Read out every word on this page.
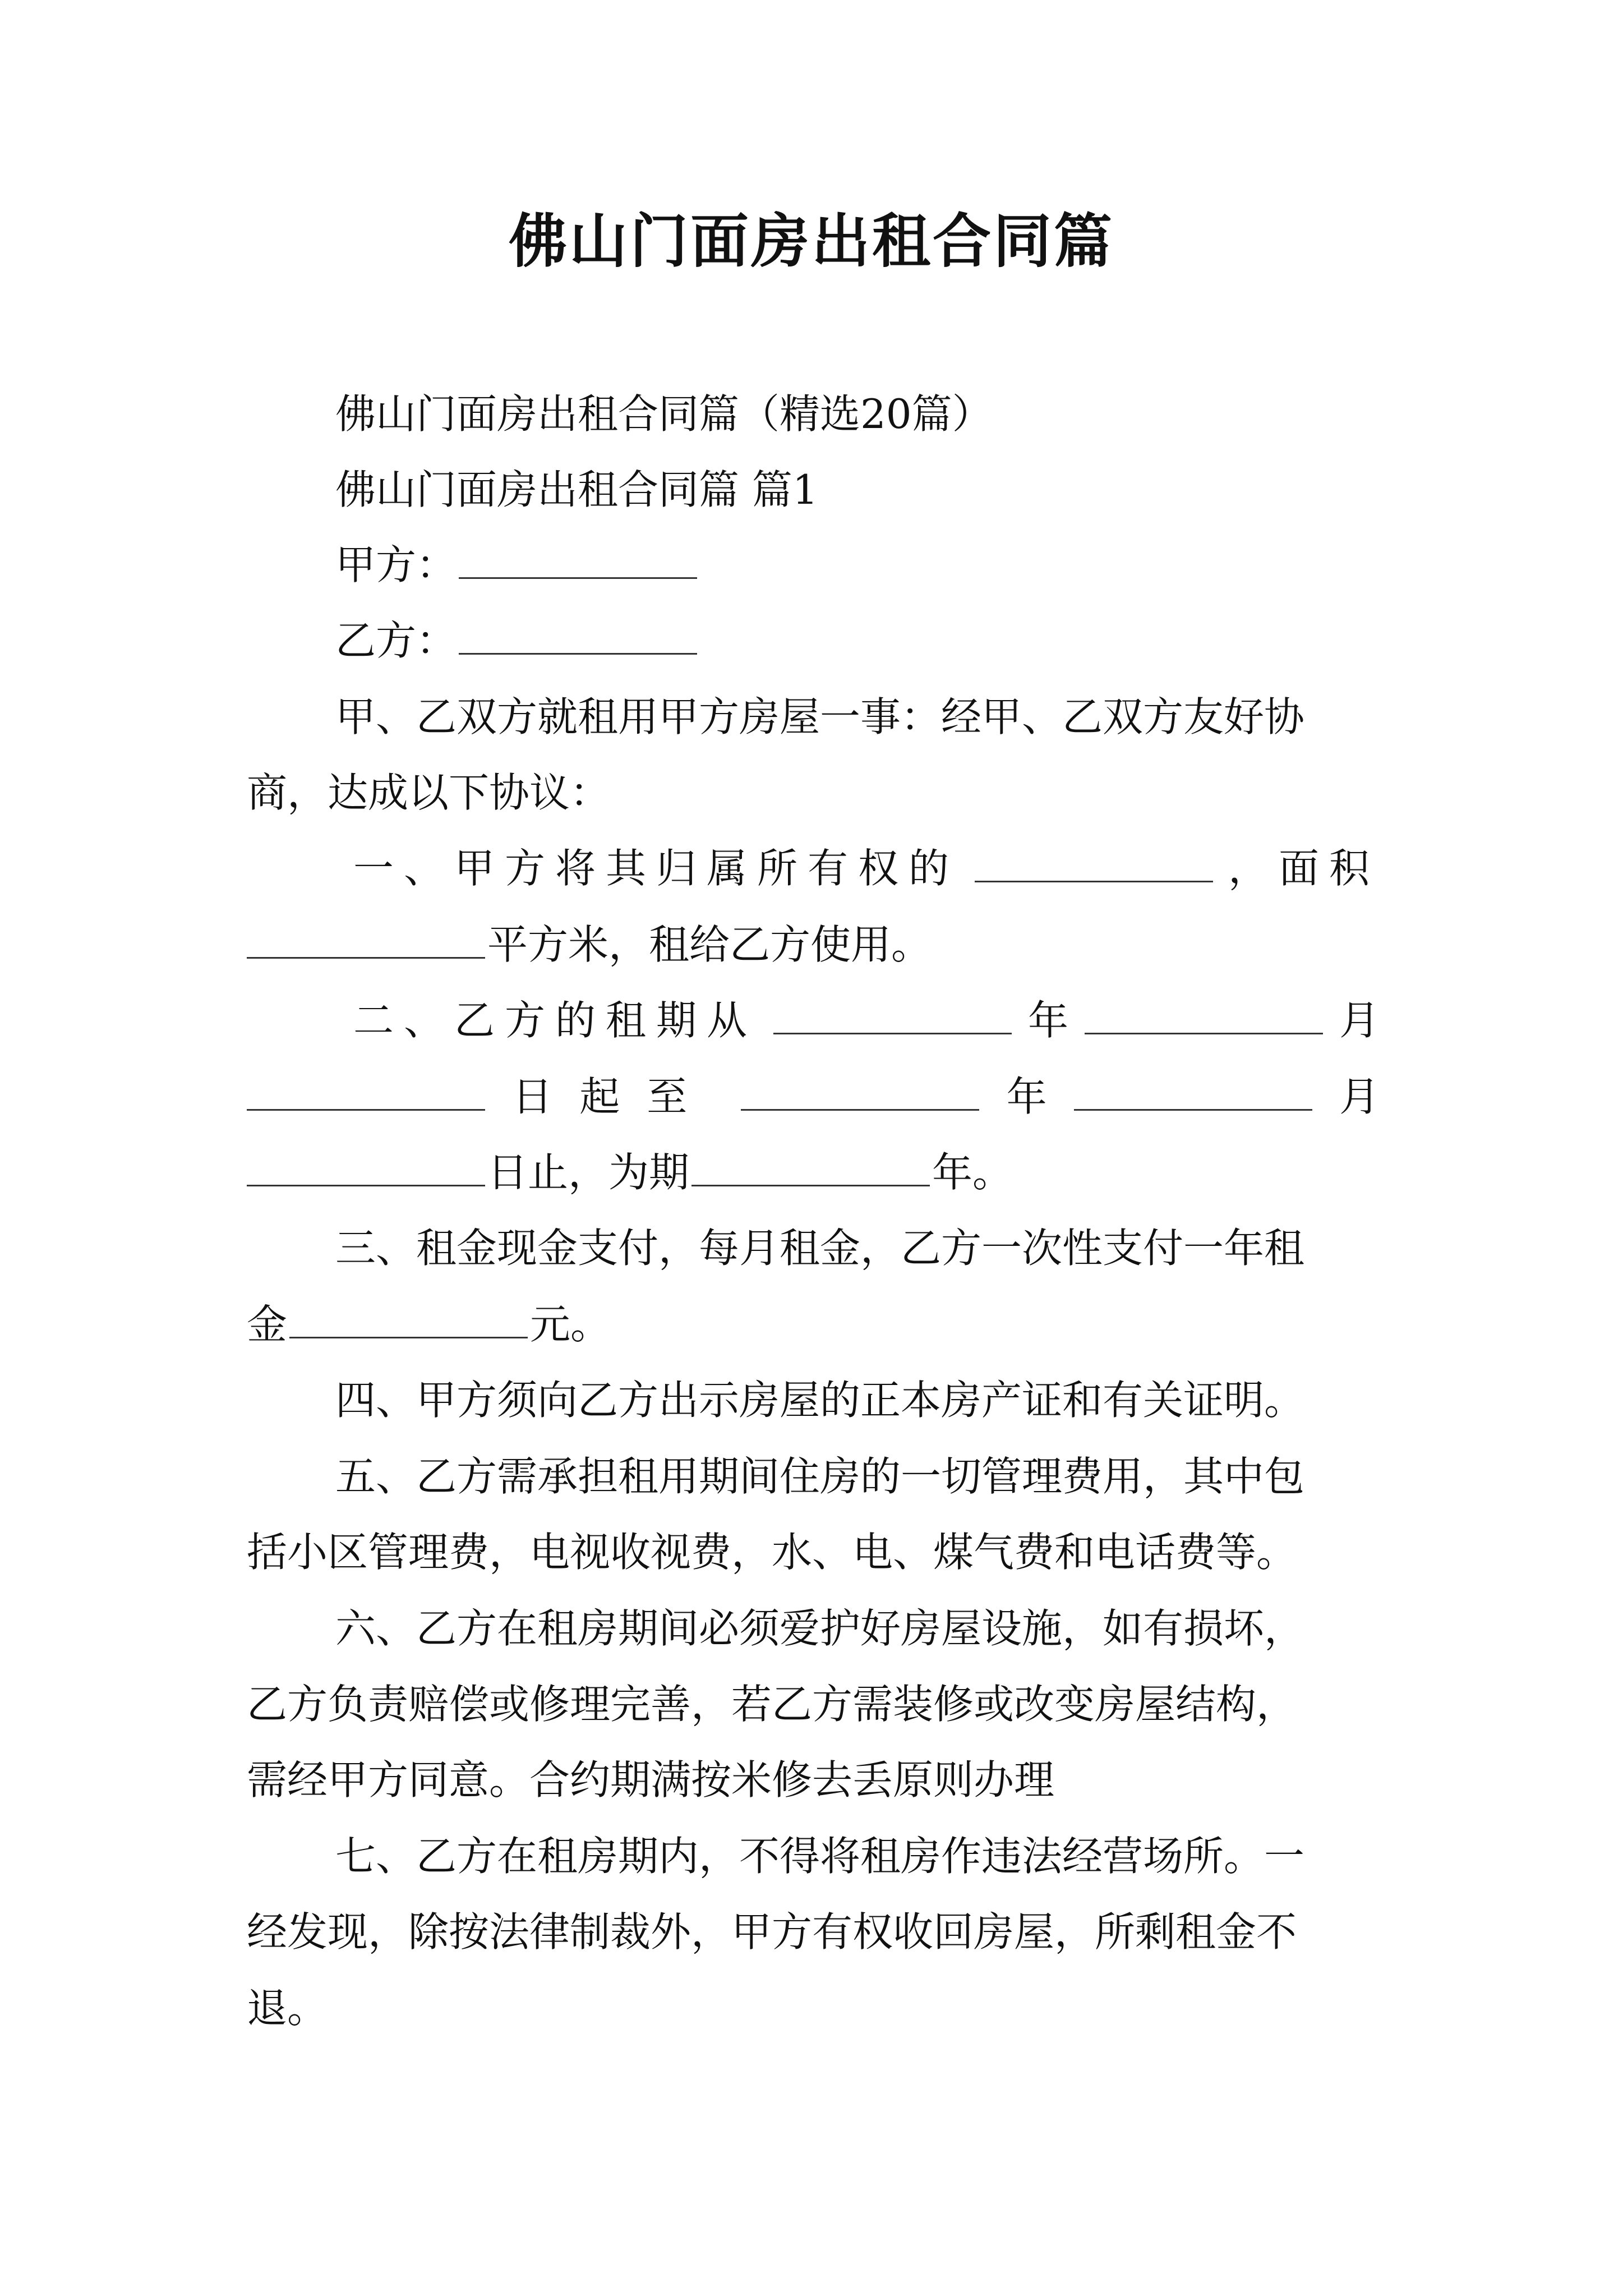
佛山门面房出租合同篇
佛山门面房出租合同篇（精选20篇）
佛山门面房出租合同篇 篇1
甲方：
乙方：
甲、乙双方就租用甲方房屋一事：经甲、乙双方友好协
商，达成以下协议：
一、甲方将其归属所有权的	，面积
平方米，租给乙方使用。
二、乙方的租期从	年	月
日起至	年	月
日止，为期	年。
三、租金现金支付，每月租金，乙方一次性支付一年租
金	元。
四、甲方须向乙方出示房屋的正本房产证和有关证明。
五、乙方需承担租用期间住房的一切管理费用，其中包
括小区管理费，电视收视费，水、电、煤气费和电话费等。
六、乙方在租房期间必须爱护好房屋设施，如有损坏，
乙方负责赔偿或修理完善，若乙方需装修或改变房屋结构，
需经甲方同意。合约期满按米修去丢原则办理
七、乙方在租房期内，不得将租房作违法经营场所。一
经发现，除按法律制裁外，甲方有权收回房屋，所剩租金不
退。
